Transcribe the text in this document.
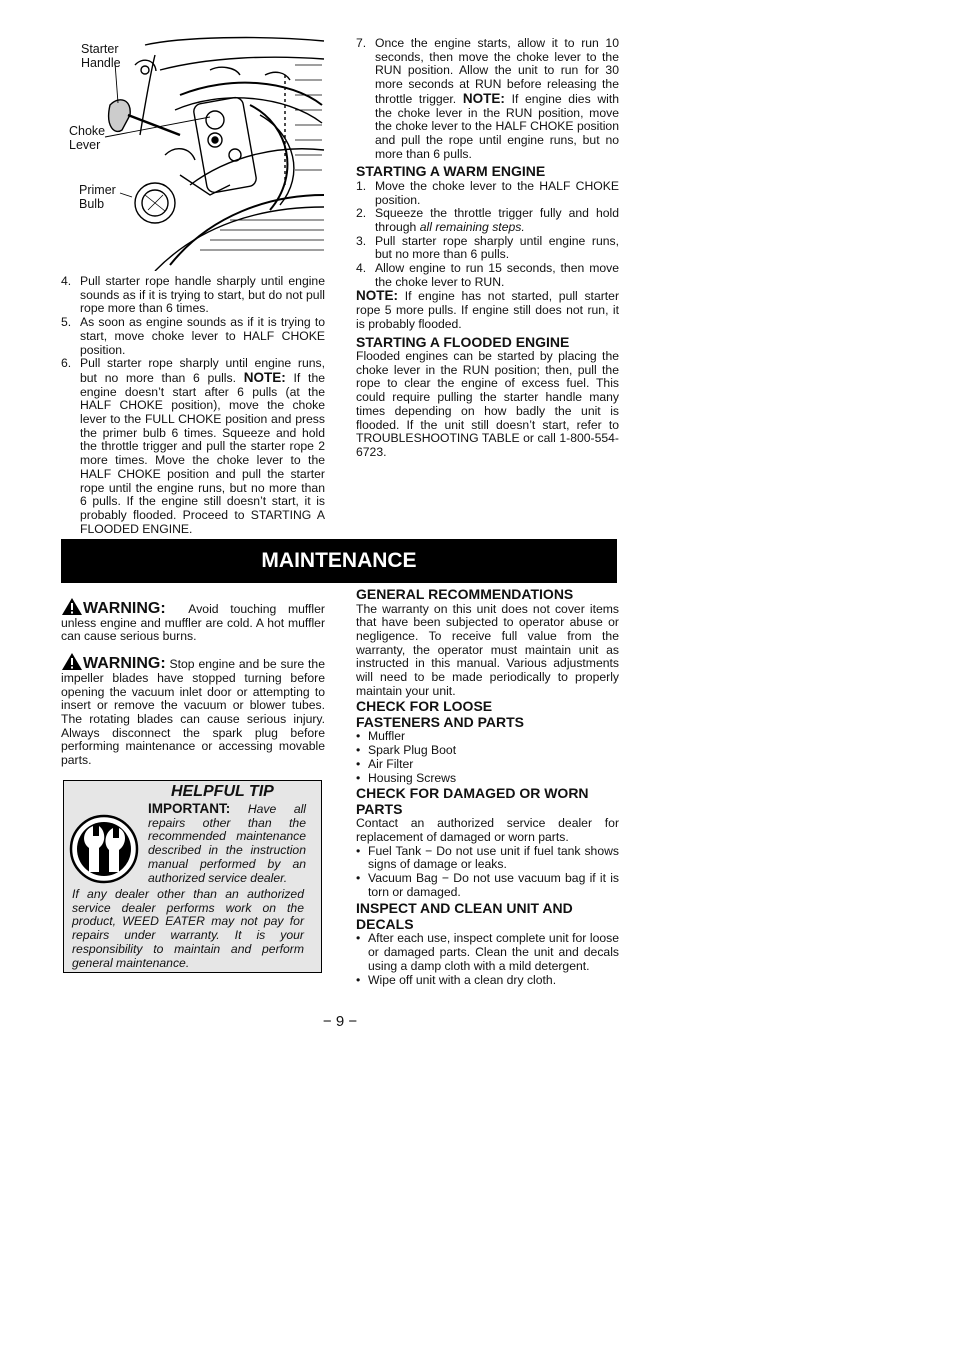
Starter
Handle
Choke
Lever
Primer
Bulb
4. Pull starter rope handle sharply until engine sounds as if it is trying to start, but do not pull rope more than 6 times.
5. As soon as engine sounds as if it is trying to start, move choke lever to HALF CHOKE position.
6. Pull starter rope sharply until engine runs, but no more than 6 pulls. NOTE: If the engine doesn’t start after 6 pulls (at the HALF CHOKE position), move the choke lever to the FULL CHOKE position and press the primer bulb 6 times. Squeeze and hold the throttle trigger and pull the starter rope 2 more times. Move the choke lever to the HALF CHOKE position and pull the starter rope until the engine runs, but no more than 6 pulls. If the engine still doesn’t start, it is probably flooded. Proceed to STARTING A FLOODED ENGINE.
7. Once the engine starts, allow it to run 10 seconds, then move the choke lever to the RUN position. Allow the unit to run for 30 more seconds at RUN before releasing the throttle trigger. NOTE: If engine dies with the choke lever in the RUN position, move the choke lever to the HALF CHOKE position and pull the rope until engine runs, but no more than 6 pulls.
STARTING A WARM ENGINE
1. Move the choke lever to the HALF CHOKE position.
2. Squeeze the throttle trigger fully and hold through all remaining steps.
3. Pull starter rope sharply until engine runs, but no more than 6 pulls.
4. Allow engine to run 15 seconds, then move the choke lever to RUN.

NOTE: If engine has not started, pull starter rope 5 more pulls. If engine still does not run, it is probably flooded.

STARTING A FLOODED ENGINE

Flooded engines can be started by placing the choke lever in the RUN position; then, pull the rope to clear the engine of excess fuel. This could require pulling the starter handle many times depending on how badly the unit is flooded. If the unit still doesn’t start, refer to TROUBLESHOOTING TABLE or call 1-800-554-6723.

MAINTENANCE

WARNING: Avoid touching muffler unless engine and muffler are cold. A hot muffler can cause serious burns.

WARNING: Stop engine and be sure the impeller blades have stopped turning before opening the vacuum inlet door or attempting to insert or remove the vacuum or blower tubes. The rotating blades can cause serious injury. Always disconnect the spark plug before performing maintenance or accessing movable parts.

HELPFUL TIP

IMPORTANT: Have all repairs other than the recommended maintenance described in the instruction manual performed by an authorized service dealer.

If any dealer other than an authorized service dealer performs work on the product, WEED EATER may not pay for repairs under warranty. It is your responsibility to maintain and perform general maintenance.

GENERAL RECOMMENDATIONS

The warranty on this unit does not cover items that have been subjected to operator abuse or negligence. To receive full value from the warranty, the operator must maintain unit as instructed in this manual. Various adjustments will need to be made periodically to properly maintain your unit.

CHECK FOR LOOSE
FASTENERS AND PARTS
• Muffler
• Spark Plug Boot
• Air Filter
• Housing Screws
CHECK FOR DAMAGED OR WORN PARTS

Contact an authorized service dealer for replacement of damaged or worn parts.

• Fuel Tank − Do not use unit if fuel tank shows signs of damage or leaks.
• Vacuum Bag − Do not use vacuum bag if it is torn or damaged.
INSPECT AND CLEAN UNIT AND DECALS
• After each use, inspect complete unit for loose or damaged parts. Clean the unit and decals using a damp cloth with a mild detergent.
• Wipe off unit with a clean dry cloth.
− 9 −
